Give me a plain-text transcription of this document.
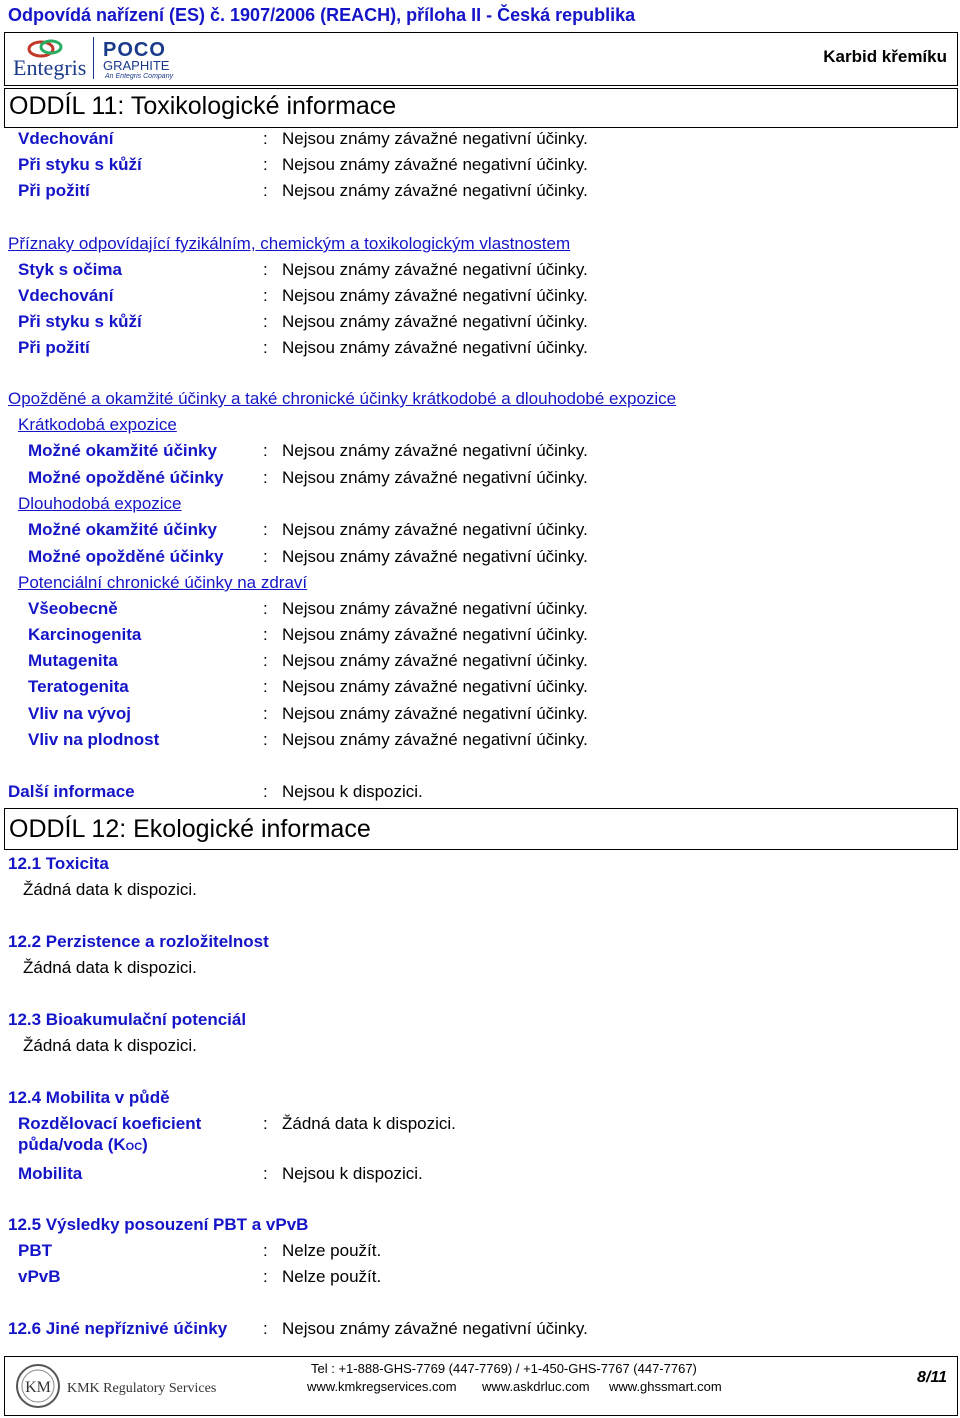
Odpovídá nařízení (ES) č. 1907/2006 (REACH), příloha II - Česká republika
Entegris
POCO
GRAPHITE
An Entegris Company
Karbid křemíku
ODDÍL 11: Toxikologické informace
Vdechování	: Nejsou známy závažné negativní účinky.
Při styku s kůží	: Nejsou známy závažné negativní účinky.
Při požití	: Nejsou známy závažné negativní účinky.
Příznaky odpovídající fyzikálním, chemickým a toxikologickým vlastnostem
Styk s očima	: Nejsou známy závažné negativní účinky.
Vdechování	: Nejsou známy závažné negativní účinky.
Při styku s kůží	: Nejsou známy závažné negativní účinky.
Při požití	: Nejsou známy závažné negativní účinky.
Opožděné a okamžité účinky a také chronické účinky krátkodobé a dlouhodobé expozice
Krátkodobá expozice
Možné okamžité účinky	: Nejsou známy závažné negativní účinky.
Možné opožděné účinky : Nejsou známy závažné negativní účinky.
Dlouhodobá expozice
Možné okamžité účinky	: Nejsou známy závažné negativní účinky.
Možné opožděné účinky : Nejsou známy závažné negativní účinky.
Potenciální chronické účinky na zdraví
Všeobecně	: Nejsou známy závažné negativní účinky.
Karcinogenita	: Nejsou známy závažné negativní účinky.
Mutagenita	: Nejsou známy závažné negativní účinky.
Teratogenita	: Nejsou známy závažné negativní účinky.
Vliv na vývoj	: Nejsou známy závažné negativní účinky.
Vliv na plodnost	: Nejsou známy závažné negativní účinky.
Další informace	: Nejsou k dispozici.
ODDÍL 12: Ekologické informace
12.1 Toxicita
Žádná data k dispozici.
12.2 Perzistence a rozložitelnost
Žádná data k dispozici.
12.3 Bioakumulační potenciál
Žádná data k dispozici.
12.4 Mobilita v půdě
Rozdělovací koeficient
půda/voda (KOC)
: Žádná data k dispozici.
Mobilita	: Nejsou k dispozici.
12.5 Výsledky posouzení PBT a vPvB
PBT	: Nelze použít.
vPvB	: Nelze použít.
12.6 Jiné nepříznivé účinky : Nejsou známy závažné negativní účinky.
KM KMK Regulatory Services
Tel : +1-888-GHS-7769 (447-7769) / +1-450-GHS-7767 (447-7767)
www.kmkregservices.com www.askdrluc.com www.ghssmart.com
8/11
